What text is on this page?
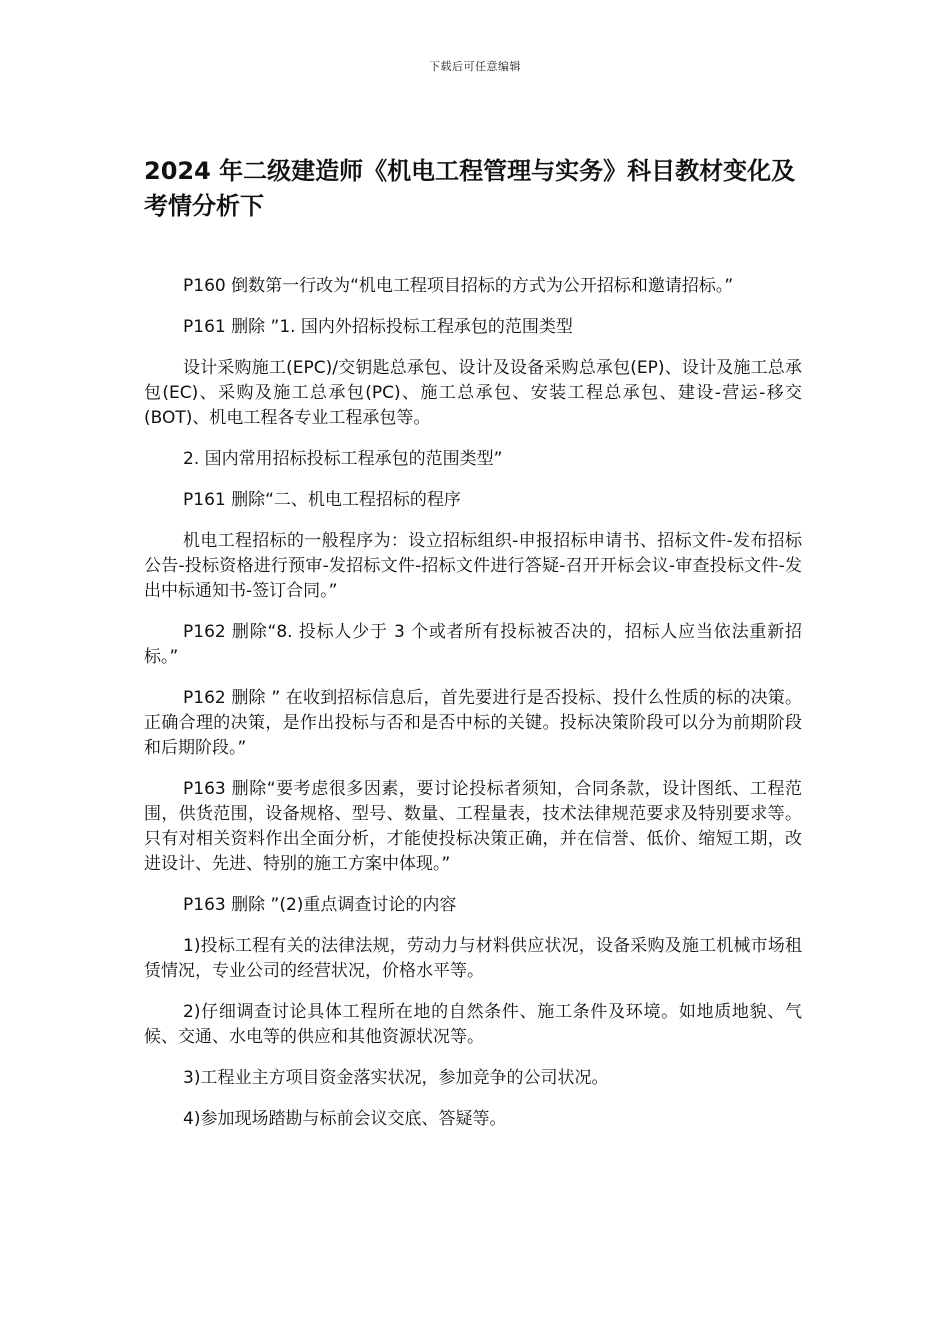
下载后可任意编辑
2024 年二级建造师《机电工程管理与实务》科目教材变化及考情分析下

P160 倒数第一行改为“机电工程项目招标的方式为公开招标和邀请招标。”

P161 删除 ”1. 国内外招标投标工程承包的范围类型

设计采购施工(EPC)/交钥匙总承包、设计及设备采购总承包(EP)、设计及施工总承包(EC)、采购及施工总承包(PC)、施工总承包、安装工程总承包、建设-营运-移交(BOT)、机电工程各专业工程承包等。

2. 国内常用招标投标工程承包的范围类型”

P161 删除“二、机电工程招标的程序

机电工程招标的一般程序为：设立招标组织-申报招标申请书、招标文件-发布招标公告-投标资格进行预审-发招标文件-招标文件进行答疑-召开开标会议-审查投标文件-发出中标通知书-签订合同。”

P162 删除“8. 投标人少于 3 个或者所有投标被否决的，招标人应当依法重新招标。”

P162 删除 ” 在收到招标信息后，首先要进行是否投标、投什么性质的标的决策。正确合理的决策，是作出投标与否和是否中标的关键。投标决策阶段可以分为前期阶段和后期阶段。”

P163 删除“要考虑很多因素，要讨论投标者须知，合同条款，设计图纸、工程范围，供货范围，设备规格、型号、数量、工程量表，技术法律规范要求及特别要求等。只有对相关资料作出全面分析，才能使投标决策正确，并在信誉、低价、缩短工期，改进设计、先进、特别的施工方案中体现。”

P163 删除 ”(2)重点调查讨论的内容

1)投标工程有关的法律法规，劳动力与材料供应状况，设备采购及施工机械市场租赁情况，专业公司的经营状况，价格水平等。

2)仔细调查讨论具体工程所在地的自然条件、施工条件及环境。如地质地貌、气候、交通、水电等的供应和其他资源状况等。

3)工程业主方项目资金落实状况，参加竞争的公司状况。

4)参加现场踏勘与标前会议交底、答疑等。
